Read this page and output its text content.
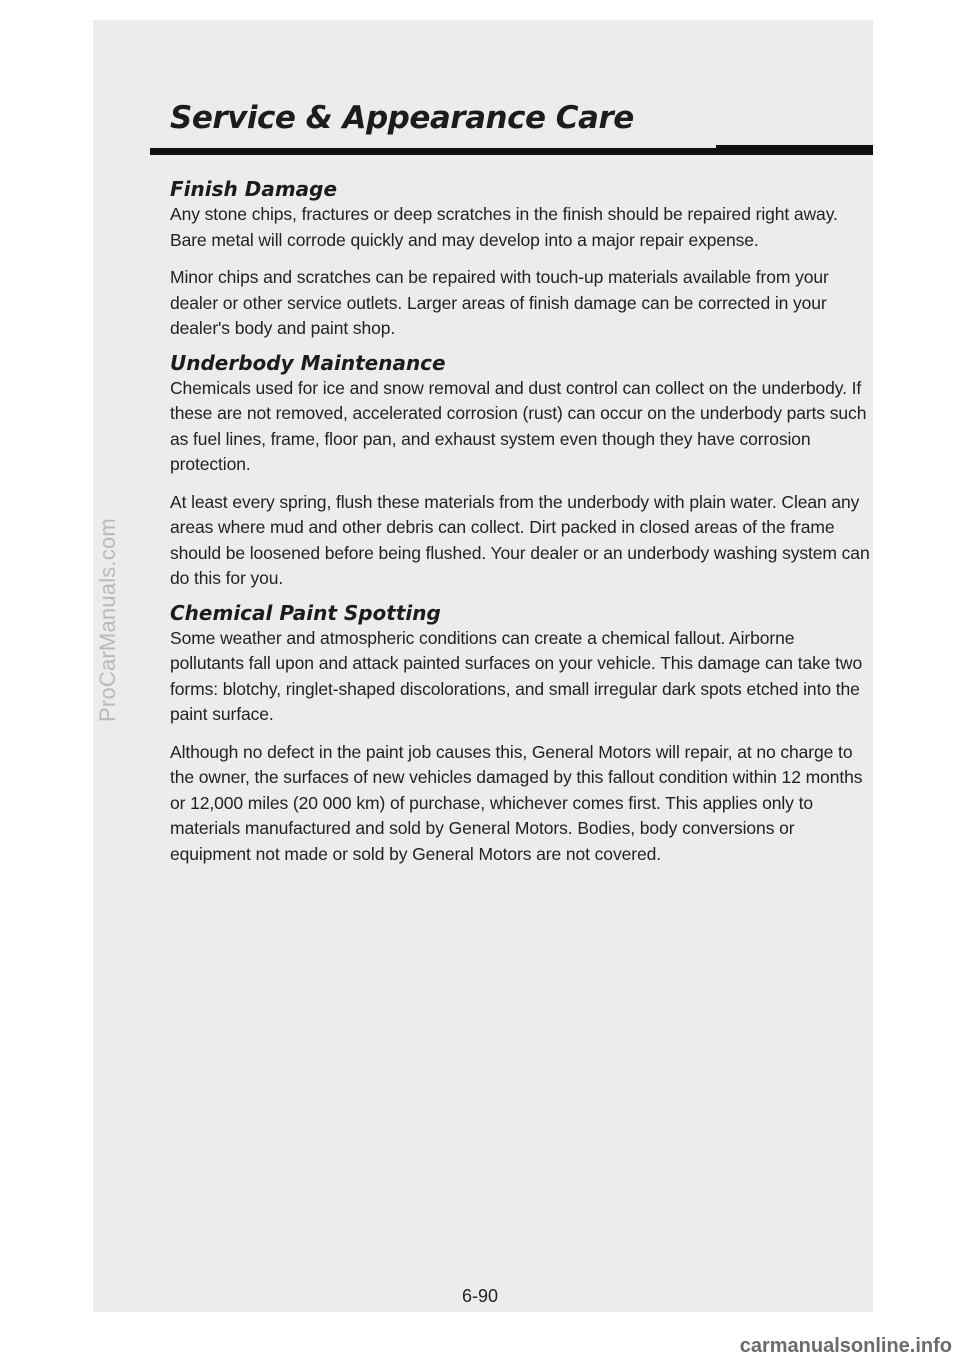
ProCarManuals.com
Service & Appearance Care
Finish Damage

Any stone chips, fractures or deep scratches in the finish should be repaired right away. Bare metal will corrode quickly and may develop into a major repair expense.

Minor chips and scratches can be repaired with touch-up materials available from your dealer or other service outlets. Larger areas of finish damage can be corrected in your dealer's body and paint shop.

Underbody Maintenance

Chemicals used for ice and snow removal and dust control can collect on the underbody. If these are not removed, accelerated corrosion (rust) can occur on the underbody parts such as fuel lines, frame, floor pan, and exhaust system even though they have corrosion protection.

At least every spring, flush these materials from the underbody with plain water. Clean any areas where mud and other debris can collect. Dirt packed in closed areas of the frame should be loosened before being flushed. Your dealer or an underbody washing system can do this for you.

Chemical Paint Spotting

Some weather and atmospheric conditions can create a chemical fallout. Airborne pollutants fall upon and attack painted surfaces on your vehicle. This damage can take two forms: blotchy, ringlet-shaped discolorations, and small irregular dark spots etched into the paint surface.

Although no defect in the paint job causes this, General Motors will repair, at no charge to the owner, the surfaces of new vehicles damaged by this fallout condition within 12 months or 12,000 miles (20 000 km) of purchase, whichever comes first. This applies only to materials manufactured and sold by General Motors. Bodies, body conversions or equipment not made or sold by General Motors are not covered.

6-90
carmanualsonline.info
